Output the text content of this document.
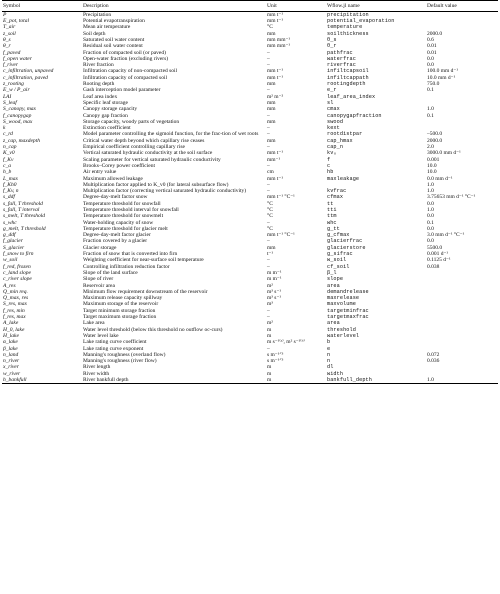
Symbol	Description	Unit	Wflow.jl name	Default value
P	Precipitation	mm t⁻¹	precipitation	
E_pot, total	Potential evapotranspiration	mm t⁻¹	potential_evaporation	
T_air	Mean air temperature	°C	temperature	
z_soil	Soil depth	mm	soilthickness	2000.0
θ_s	Saturated soil water content	mm mm⁻¹	θ_s	0.6
θ_r	Residual soil water content	mm mm⁻¹	θ_r	0.01
f_paved	Fraction of compacted soil (or paved)	–	pathfrac	0.01
f_open water	Open-water fraction (excluding rivers)	–	waterfrac	0.0
f_river	River fraction	–	riverfrac	0.0
c_infiltration, unpaved	Infiltration capacity of non-compacted soil	mm t⁻¹	infiltcapsoil	100.0 mm d⁻¹
c_infiltration, paved	Infiltration capacity of compacted soil	mm t⁻¹	infiltcappath	10.0 mm d⁻¹
z_rooting	Rooting depth	mm	rootingdepth	750.0
Ē_w / P̄_air	Gash interception model parameter	–	e_r	0.1
LAI	Leaf area index	m² m⁻²	leaf_area_index	
S_leaf	Specific leaf storage	mm	sl	
S_canopy, max	Canopy storage capacity	mm	cmax	1.0
f_canopygap	Canopy gap fraction	–	canopygapfraction	0.1
S_wood, max	Storage capacity, woody parts of vegetation	mm	swood	
k	Extinction coefficient	–	kext	
c_rd	Model parameter controlling the sigmoid function, for the frac-tion of wet roots	–	rootdistpar	–500.0
z_cap, maxdepth	Critical water depth beyond which capillary rise ceases	mm	cap_hmax	2000.0
n_cap	Empirical coefficient controlling capillary rise	–	cap_n	2.0
K_v0	Vertical saturated hydraulic conductivity at the soil surface	mm t⁻¹	kv₀	3000.0 mm d⁻¹
f_Kv	Scaling parameter for vertical saturated hydraulic conductivity	mm⁻¹	f	0.001
c_a	Brooks–Corey power coefficient	–	c	10.0
h_b	Air entry value	cm	hb	10.0
L_max	Maximum allowed leakage	mm t⁻¹	maxleakage	0.0 mm d⁻¹
f_Kh0	Multiplication factor applied to K_v0 (for lateral subsurface flow)	–		1.0
f_Kv, n	Multiplication factor (correcting vertical saturated hydraulic conductivity)	–	kvfrac	1.0
s_ddf	Degree-day-melt factor snow	mm t⁻¹ °C⁻¹	cfmax	3.75653 mm d⁻¹ °C⁻¹
s_fall, T threshold	Temperature threshold for snowfall	°C	tt	0.0
s_fall, T interval	Temperature threshold interval for snowfall	°C	tti	1.0
s_melt, T threshold	Temperature threshold for snowmelt	°C	ttm	0.0
s_whc	Water-holding capacity of snow	–	whc	0.1
g_melt, T threshold	Temperature threshold for glacier melt	°C	g_tt	0.0
g_ddf	Degree-day-melt factor glacier	mm t⁻¹ °C⁻¹	g_cfmax	3.0 mm d⁻¹ °C⁻¹
f_glacier	Fraction covered by a glacier	–	glacierfrac	0.0
S_glacier	Glacier storage	mm	glacierstore	5500.0
f_snow to firn	Fraction of snow that is converted into firn	t⁻¹	g_sifrac	0.001 d⁻¹
w_soil	Weighting coefficient for near-surface soil temperature	–	w_soil	0.1125 d⁻¹
f_red, frozen	Controlling infiltration reduction factor	–	cf_soil	0.038
c_land slope	Slope of the land surface	m m⁻¹	β_l	
c_river slope	Slope of river	m m⁻¹	slope	
A_res	Reservoir area	m²	area	
Q_min req.	Minimum flow requirement downstream of the reservoir	m³ s⁻¹	demandrelease	
Q_max, res	Maximum release capacity spillway	m³ s⁻¹	maxrelease	
S_res, max	Maximum storage of the reservoir	m³	maxvolume	
f_res, min	Target minimum storage fraction	–	targetminfrac	
f_res, max	Target maximum storage fraction	–	targetmaxfrac	
A_lake	Lake area	m²	area	
H_0, lake	Water level threshold (below this threshold no outflow oc-curs)	m	threshold	
H_lake	Water level lake	m	waterlevel	
α_lake	Lake rating curve coefficient	m s⁻¹⁽ᵃ⁾, m² s⁻¹⁽ᵇ⁾	b	
β_lake	Lake rating curve exponent	–	e	
n_land	Manning's roughness (overland flow)	s m⁻¹ᐟ³	n	0.072
n_river	Manning's roughness (river flow)	s m⁻¹ᐟ³	n	0.036
x_river	River length	m	dl	
w_river	River width	m	width	
h_bankfull	River bankfull depth	m	bankfull_depth	1.0
